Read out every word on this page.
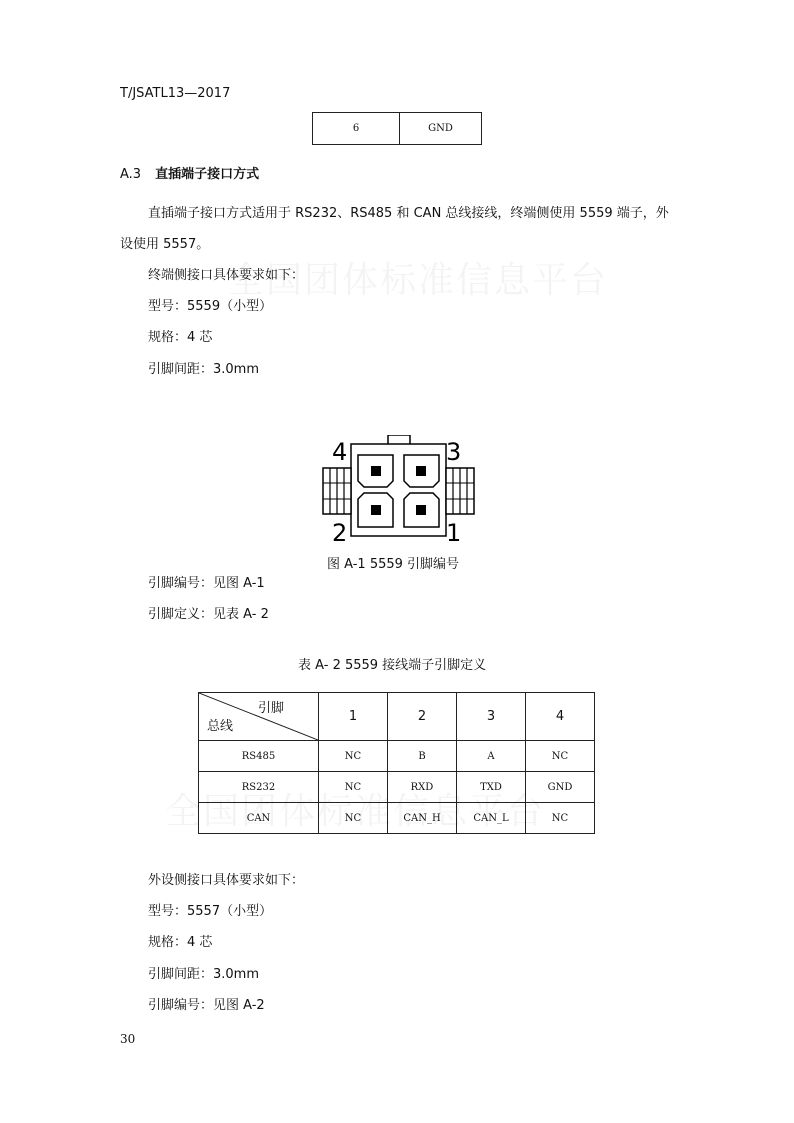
T/JSATL13—2017
6	GND
A.3 直插端子接口方式
直插端子接口方式适用于 RS232、RS485 和 CAN 总线接线，终端侧使用 5559 端子，外
设使用 5557。
终端侧接口具体要求如下：
型号：5559（小型）
规格：4 芯
引脚间距：3.0mm
4	3
2	1
图 A-1 5559 引脚编号
引脚编号：见图 A-1
引脚定义：见表 A- 2
表 A- 2 5559 接线端子引脚定义
引脚
总线	1	2	3	4
RS485	NC	B	A	NC
RS232	NC	RXD	TXD	GND
CAN	NC	CAN_H	CAN_L	NC
外设侧接口具体要求如下：
型号：5557（小型）
规格：4 芯
引脚间距：3.0mm
引脚编号：见图 A-2
30
